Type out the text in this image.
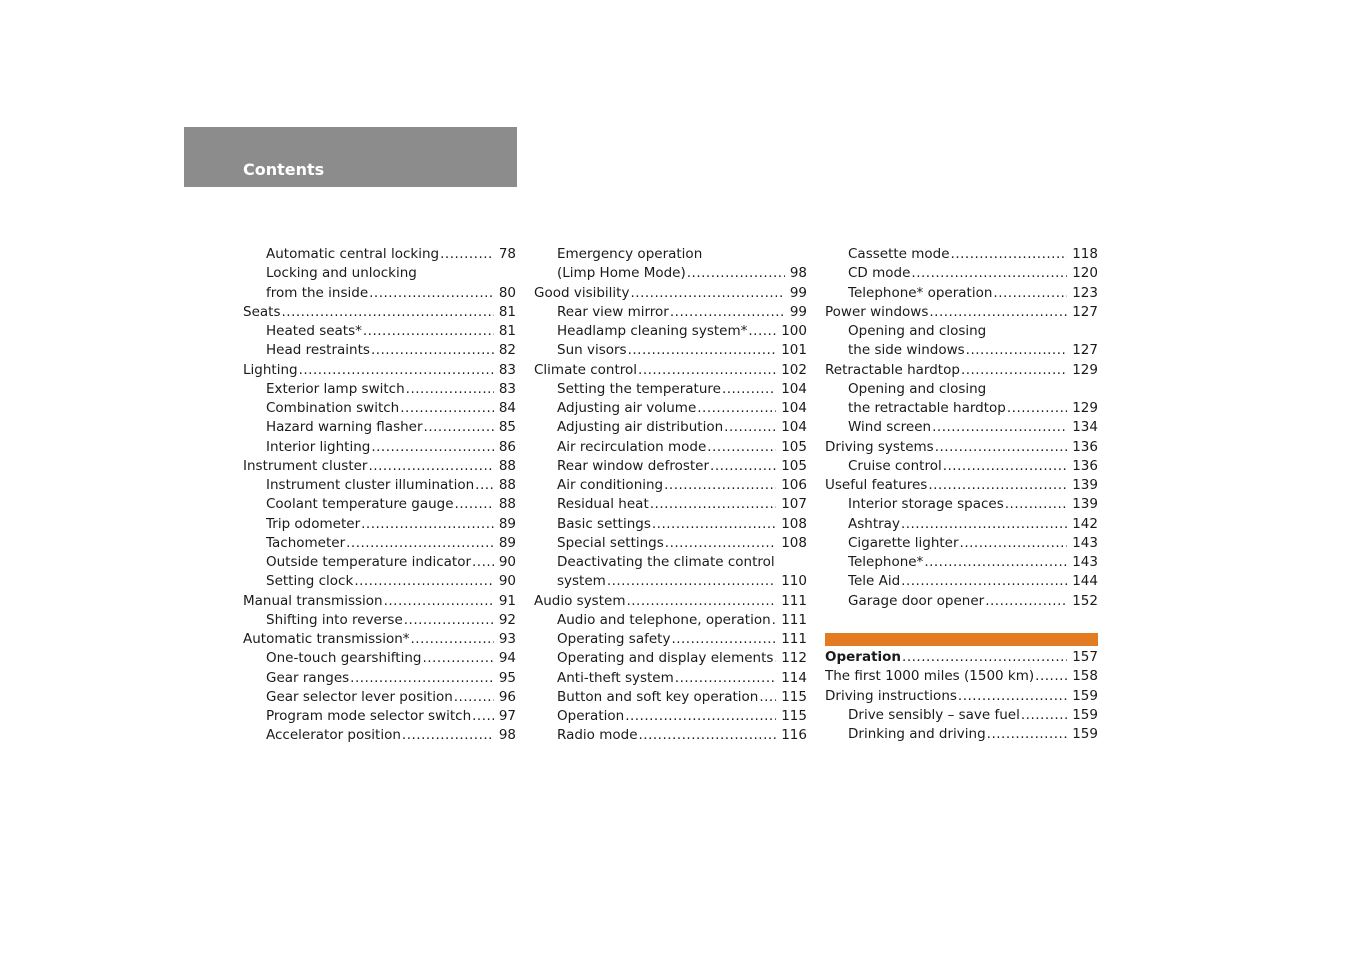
Contents
Automatic central locking .....	78
Locking and unlocking
from the inside .....	80
Seats .....	81
Heated seats* .....	81
Head restraints .....	82
Lighting .....	83
Exterior lamp switch .....	83
Combination switch .....	84
Hazard warning flasher .....	85
Interior lighting .....	86
Instrument cluster .....	88
Instrument cluster illumination ..... 88
Coolant temperature gauge .....	88
Trip odometer .....	89
Tachometer .....	89
Outside temperature indicator ..... 90
Setting clock .....	90
Manual transmission .....	91
Shifting into reverse .....	92
Automatic transmission* .....	93
One-touch gearshifting .....	94
Gear ranges .....	95
Gear selector lever position .....	96
Program mode selector switch ..... 97
Accelerator position .....	98
Emergency operation
(Limp Home Mode) .....	98
Good visibility .....	99
Rear view mirror .....	99
Headlamp cleaning system* .....	100
Sun visors .....	101
Climate control .....	102
Setting the temperature .....	104
Adjusting air volume .....	104
Adjusting air distribution .....	104
Air recirculation mode .....	105
Rear window defroster .....	105
Air conditioning .....	106
Residual heat .....	107
Basic settings .....	108
Special settings .....	108
Deactivating the climate control
system .....	110
Audio system .....	111
Audio and telephone, operation ..... 111
Operating safety .....	111
Operating and display elements ..... 112
Anti-theft system .....	114
Button and soft key operation ..... 115
Operation .....	115
Radio mode .....	116
Cassette mode .....	118
CD mode .....	120
Telephone* operation .....	123
Power windows .....	127
Opening and closing
the side windows .....	127
Retractable hardtop .....	129
Opening and closing
the retractable hardtop .....	129
Wind screen .....	134
Driving systems .....	136
Cruise control .....	136
Useful features .....	139
Interior storage spaces .....	139
Ashtray .....	142
Cigarette lighter .....	143
Telephone* .....	143
Tele Aid .....	144
Garage door opener .....	152
Operation .....	157
The first 1000 miles (1500 km) .....	158
Driving instructions .....	159
Drive sensibly – save fuel .....	159
Drinking and driving .....	159
